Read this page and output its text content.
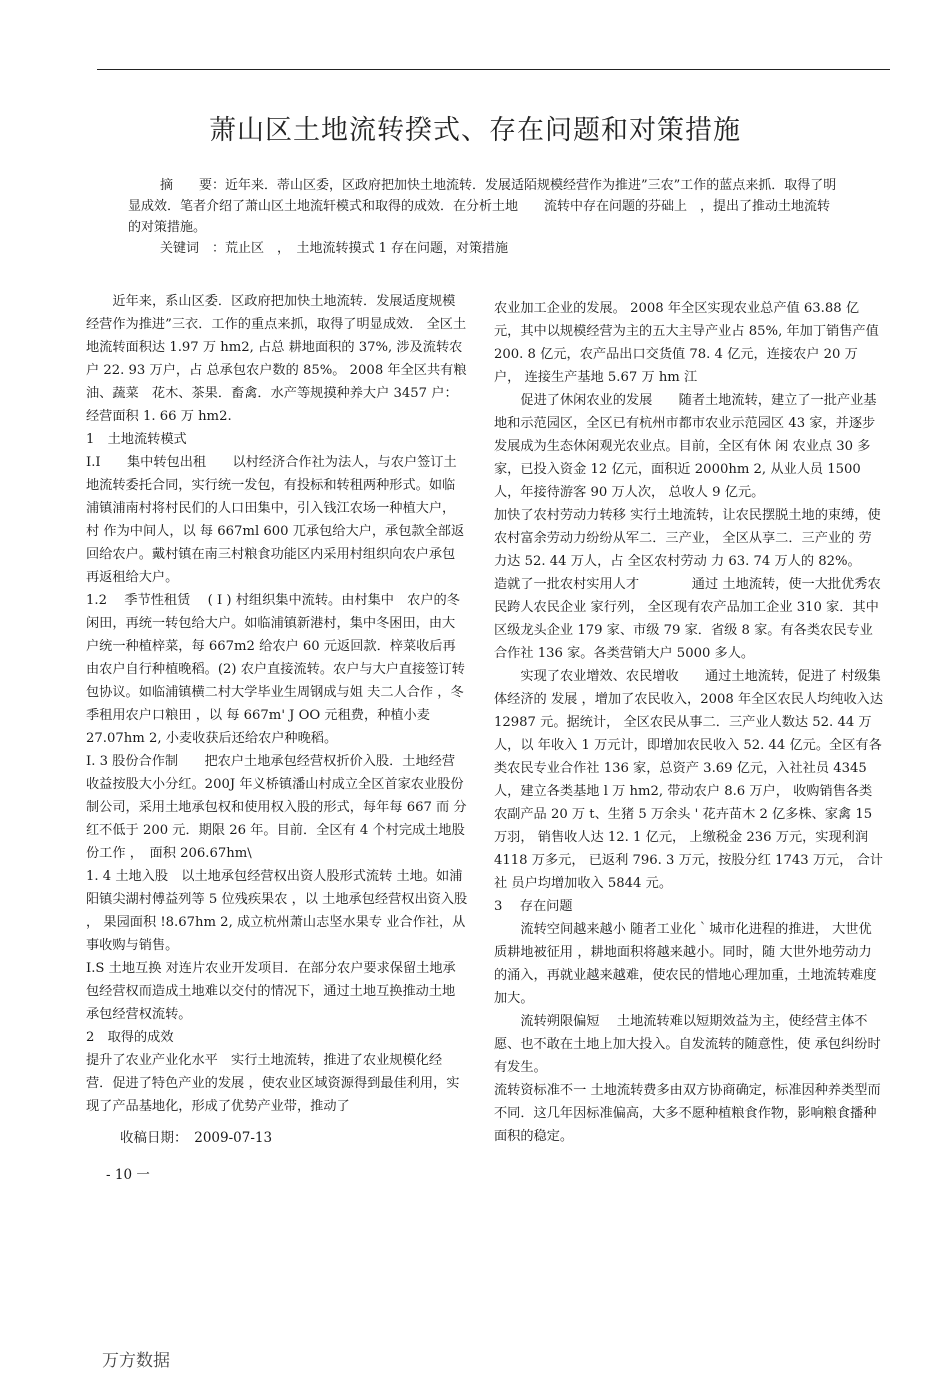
萧山区土地流转揆式、存在问题和对策措施

摘　　要：近年来．蒂山区委，区政府把加快土地流转．发展适陌规模经营作为推进”三农”工作的蓝点来抓．取得了明显成效．笔者介绍了萧山区土地流轩模式和取得的成效．在分析土地　　流转中存在问题的芬础上　，提出了推动土地流转的对策措施。

关键词　：荒止区　，　土地流转摸式 1 存在问题，对策措施

近年来，系山区委．区政府把加快土地流转．发展适度规模经营作为推进”三衣．工作的重点来抓，取得了明显成效． 全区土地流转面积达 1.97 万 hm2, 占总 耕地面积的 37%, 涉及流转农户 22. 93 万户，占 总承包农户数的 85%。 2008 年全区共有粮油、蔬菜　花木、茶果．畜禽．水产等规摸种养大户 3457 户：　经营面积 1. 66 万 hm2.

1　土地流转模式

I.I　　集中转包出租　　以村经济合作社为法人，与农户签订土地流转委托合同，实行统一发包，有投标和转租两种形式。如临浦镇浦南村将村民们的人口田集中，引入钱江农场一种植大户，村 作为中间人，以 每 667ml 600 兀承包给大户，承包款全部返回给农户。戴村镇在南三村粮食功能区内采用村组织向农户承包再返租给大户。

1.2　 季节性租赁　 ( I ) 村组织集中流转。由村集中　农户的冬闲田，再统一转包给大户。如临浦镇新港村，集中冬困田，由大户统一种植梓菜，每 667m2 给农户 60 元返回款．梓菜收后再由农户自行种植晚稻。(2) 农户直接流转。农户与大户直接签订转包协议。如临浦镇横二村大学毕业生周钢成与姐 夫二人合作 ，冬季租用农户口粮田 ，以 每 667m' J OO 元租费，种植小麦 27.07hm 2, 小麦收获后还给农户种晚稻。

I. 3 股份合作制　　把农户土地承包经营权折价入股．土地经营收益按股大小分红。200J 年义桥镇潘山村成立全区首家农业股份制公司，采用土地承包权和使用权入股的形式，每年每 667 而 分红不低于 200 元．期限 26 年。目前．全区有 4 个村完成土地股份工作 ，　面积 206.67hm\

1. 4 土地入股　以土地承包经营权出资人股形式流转 土地。如浦阳镇尖湖村傅益列等 5 位残疾果农 ，以 土地承包经营权出资入股 ， 果园面积 !8.67hm 2, 成立杭州萧山志坚水果专 业合作社，从事收购与销售。

I.S 土地互换 对连片农业开发项目．在部分农户要求保留土地承包经营权而造成土地难以交付的情况下，通过土地互换推动土地承包经营权流转。

2　取得的成效

提升了农业产业化水平　实行土地流转，推进了农业规模化经营．促进了特色产业的发展 ，使农业区域资源得到最佳利用，实现了产品基地化，形成了优势产业带，推动了

农业加工企业的发展。 2008 年全区实现农业总产值 63.88 亿元，其中以规模经营为主的五大主导产业占 85%, 年加丁销售产值 200. 8 亿元，农产品出口交货值 78. 4 亿元，连接农户 20 万户， 连接生产基地 5.67 万 hm 江

促进了休闲农业的发展　　随者土地流转，建立了一批产业基地和示范园区，全区已有杭州市都市农业示范园区 43 家，并逐步发展成为生态休闲观光农业点。目前，全区有休 闲 农业点 30 多家，已投入资金 12 亿元，面积近 2000hm 2, 从业人员 1500 人，年接待游客 90 万人次， 总收人 9 亿元。

加快了农村劳动力转移 实行土地流转，让农民摆脱土地的束缚，使农村富余劳动力纷纷从军二．三产业， 全区从享二．三产业的 劳力达 52. 44 万人，占 全区农村劳动 力 63. 74 万人的 82%。

造就了一批农村实用人才　　　　通过 土地流转，使一大批优秀农民跨人农民企业 家行列， 全区现有农产品加工企业 310 家．其中区级龙头企业 179 家、市级 79 家．省级 8 家。有各类农民专业合作社 136 家。各类营销大户 5000 多人。

实现了农业增效、农民增收　　通过土地流转，促进了 村级集体经济的 发展 ，增加了农民收入，2008 年全区农民人均纯收入达 12987 元。据统计， 全区农民从事二．三产业人数达 52. 44 万人，以 年收入 1 万元计，即增加农民收入 52. 44 亿元。全区有各类农民专业合作社 136 家，总资产 3.69 亿元，入社社员 4345 人，建立各类基地 l 万 hm2, 带动农户 8.6 万户， 收购销售各类农副产品 20 万 t、生猪 5 万余头 ' 花卉苗木 2 亿多株、家禽 15 万羽， 销售收人达 12. 1 亿元， 上缴税金 236 万元，实现利润 4118 万多元， 已返利 796. 3 万元，按股分红 1743 万元， 合计社 员户均增加收入 5844 元。

3　 存在问题

流转空间越来越小 随者工业化｀城市化进程的推进， 大世优质耕地被征用 ，耕地面积将越来越小。同时，随 大世外地劳动力的涌入，再就业越来越难，使农民的惜地心理加重，土地流转难度加大。

流转朔限偏短　 土地流转难以短期效益为主，使经营主体不愿、也不敢在土地上加大投入。自发流转的随意性，使 承包纠纷时有发生。

流转资标准不一 土地流转费多由双方协商确定，标准因种养类型而不同．这几年因标准偏高，大多不愿种植粮食作物，影响粮食播种面积的稳定。

收稿日期：　2009-07-13
- 10 一
万方数据
